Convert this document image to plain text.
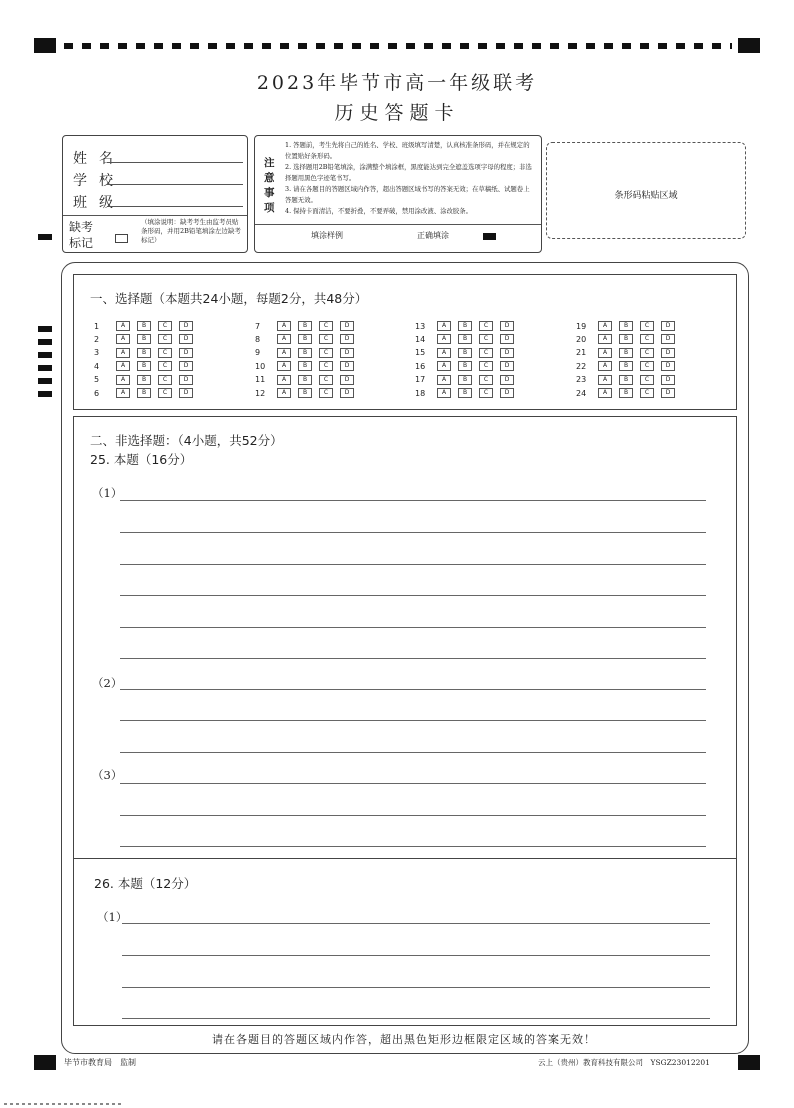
2023年毕节市高一年级联考
历史答题卡
姓名
学校
班级
缺考
标记
（填涂说明：缺考考生由监考员贴条形码，并用2B铅笔填涂左边缺考标记）
注意事项
1. 答题前，考生先将自己的姓名、学校、班级填写清楚，认真核准条形码，并在规定的位置贴好条形码。
2. 选择题用2B铅笔填涂，涂满整个填涂框，黑度能达到完全遮盖选项字母的程度；非选择题用黑色字迹笔书写。
3. 请在各题目的答题区域内作答，超出答题区域书写的答案无效；在草稿纸、试题卷上答题无效。
4. 保持卡面清洁，不要折叠，不要弄破，禁用涂改液、涂改胶条。
填涂样例	正确填涂
条形码粘贴区域
一、选择题（本题共24小题，每题2分，共48分）
1	A	B	C	D
2	A	B	C	D
3	A	B	C	D
4	A	B	C	D
5	A	B	C	D
6	A	B	C	D
7	A	B	C	D
8	A	B	C	D
9	A	B	C	D
10	A	B	C	D
11	A	B	C	D
12	A	B	C	D
13	A	B	C	D
14	A	B	C	D
15	A	B	C	D
16	A	B	C	D
17	A	B	C	D
18	A	B	C	D
19	A	B	C	D
20	A	B	C	D
21	A	B	C	D
22	A	B	C	D
23	A	B	C	D
24	A	B	C	D
二、非选择题：（4小题，共52分）
25. 本题（16分）
（1）
（2）
（3）
26. 本题（12分）
（1）
请在各题目的答题区域内作答，超出黑色矩形边框限定区域的答案无效！
毕节市教育局　监制	云上（贵州）教育科技有限公司　YSGZ23012201
